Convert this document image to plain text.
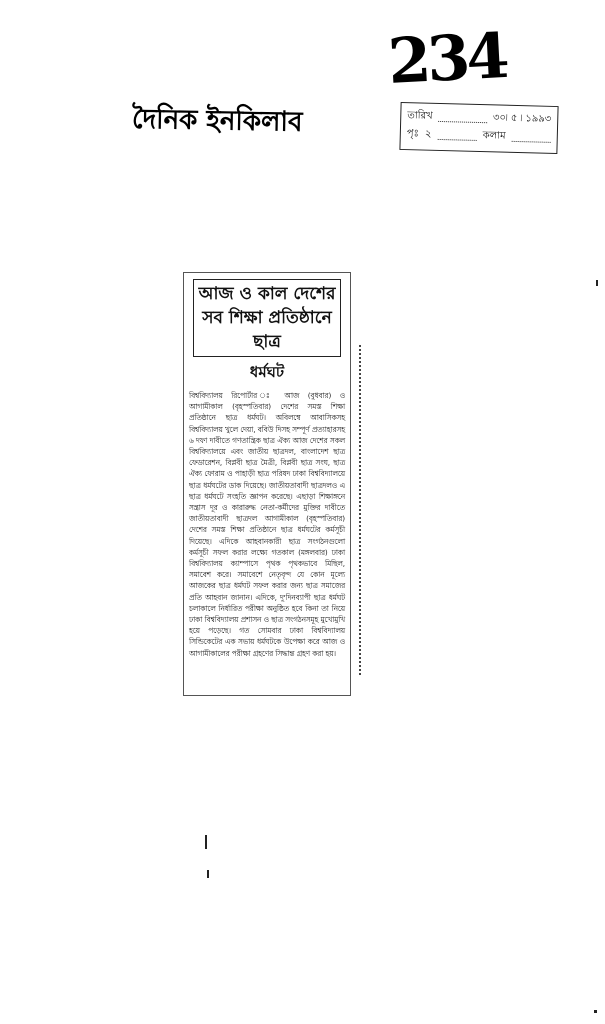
234
দৈনিক ইনকিলাব	তারিখ	৩০৷ ৫ ৷ ১৯৯৩
পৃঃ ২	কলাম
আজ ও কাল দেশের সব শিক্ষা প্রতিষ্ঠানে ছাত্র
ধর্মঘট
বিশ্ববিদ্যালয় রিপোর্টার ঃ আজ (বুধবার) ও আগামীকাল (বৃহস্পতিবার) দেশের সমস্ত শিক্ষা প্রতিষ্ঠানে ছাত্র ধর্মঘট। অবিলম্বে আবাসিকসহ বিশ্ববিদ্যালয় খুলে দেয়া, ববিউ দিসহ সম্পূর্ণ প্রত্যাহারসহ ৬ দফা দাবীতে গণতান্ত্রিক ছাত্র ঐক্য আজ দেশের সকল বিশ্ববিদ্যালয়ে এবং জাতীয় ছাত্রদল, বাংলাদেশ ছাত্র ফেডারেশন, বিপ্লবী ছাত্র মৈত্রী, বিপ্লবী ছাত্র সংঘ, ছাত্র ঐক্য ফোরাম ও পাহাড়ী ছাত্র পরিষদ ঢাকা বিশ্ববিদ্যালয়ে ছাত্র ধর্মঘটের ডাক দিয়েছে। জাতীয়তাবাদী ছাত্রদলও এ ছাত্র ধর্মঘটে সংহতি জ্ঞাপন করেছে। এছাড়া শিক্ষাঙ্গনে সন্ত্রাস দূর ও কারারুদ্ধ নেতা-কর্মীদের মুক্তির দাবীতে জাতীয়তাবাদী ছাত্রদল আগামীকাল (বৃহস্পতিবার) দেশের সমস্ত শিক্ষা প্রতিষ্ঠানে ছাত্র ধর্মঘটের কর্মসূচী দিয়েছে। এদিকে আহবানকারী ছাত্র সংগঠনগুলো কর্মসূচী সফল করার লক্ষ্যে গতকাল (মঙ্গলবার) ঢাকা বিশ্ববিদ্যালয় ক্যাম্পাসে পৃথক পৃথকভাবে মিছিল, সমাবেশ করে। সমাবেশে নেতৃবৃন্দ যে কোন মূল্যে আজকের ছাত্র ধর্মঘট সফল করার জন্য ছাত্র সমাজের প্রতি আহবান জানান। এদিকে, দু'দিনব্যাপী ছাত্র ধর্মঘট চলাকালে নির্ধারিত পরীক্ষা অনুষ্ঠিত হবে কিনা তা নিয়ে ঢাকা বিশ্ববিদ্যালয় প্রশাসন ও ছাত্র সংগঠনসমূহ মুখোমুখি হয়ে পড়েছে। গত সোমবার ঢাকা বিশ্ববিদ্যালয় সিন্ডিকেটের এক সভায় ধর্মঘটকে উপেক্ষা করে আজ ও আগামীকালের পরীক্ষা গ্রহণের সিদ্ধান্ত গ্রহণ করা হয়।
